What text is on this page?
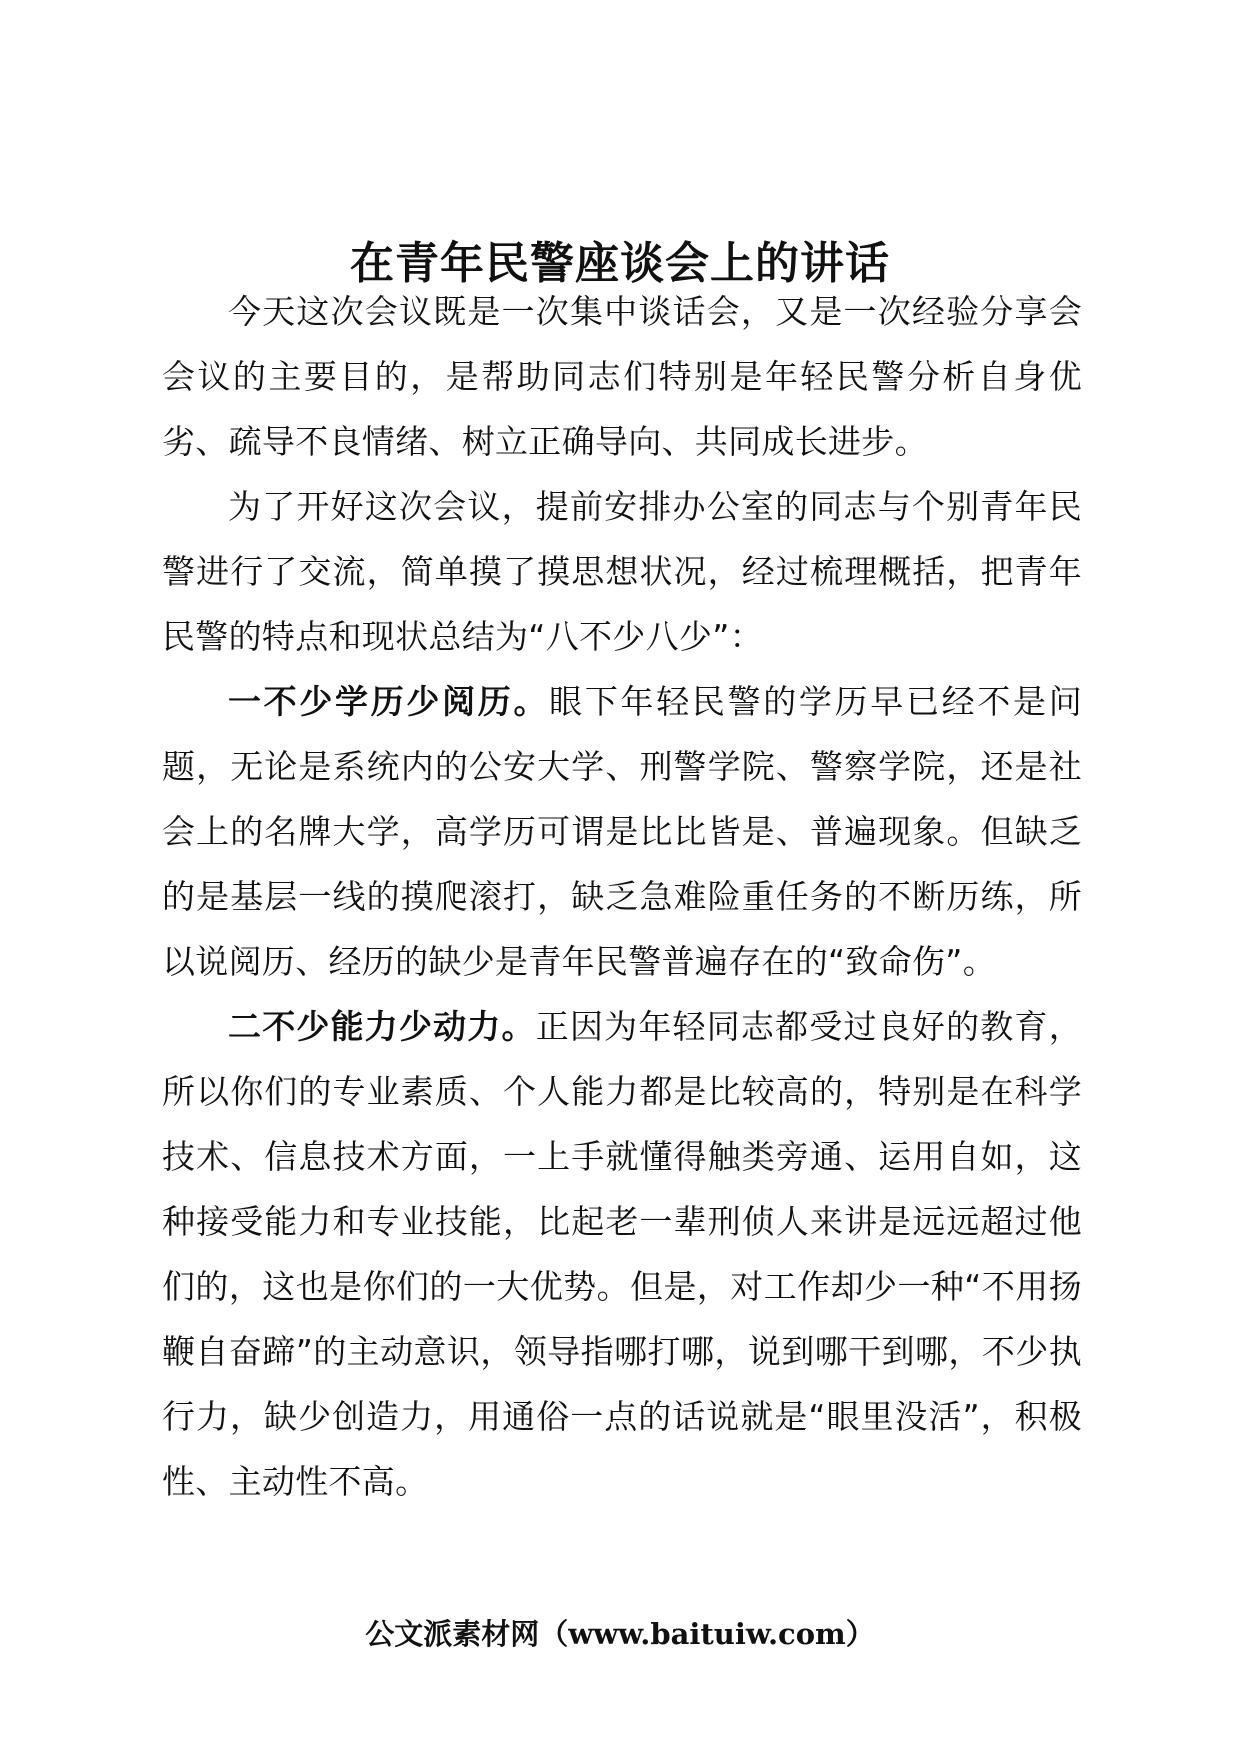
在青年民警座谈会上的讲话

今天这次会议既是一次集中谈话会，又是一次经验分享会会议的主要目的，是帮助同志们特别是年轻民警分析自身优劣、疏导不良情绪、树立正确导向、共同成长进步。

为了开好这次会议，提前安排办公室的同志与个别青年民警进行了交流，简单摸了摸思想状况，经过梳理概括，把青年民警的特点和现状总结为“八不少八少”：

一不少学历少阅历。眼下年轻民警的学历早已经不是问题，无论是系统内的公安大学、刑警学院、警察学院，还是社会上的名牌大学，高学历可谓是比比皆是、普遍现象。但缺乏的是基层一线的摸爬滚打，缺乏急难险重任务的不断历练，所以说阅历、经历的缺少是青年民警普遍存在的“致命伤”。

二不少能力少动力。正因为年轻同志都受过良好的教育，所以你们的专业素质、个人能力都是比较高的，特别是在科学技术、信息技术方面，一上手就懂得触类旁通、运用自如，这种接受能力和专业技能，比起老一辈刑侦人来讲是远远超过他们的，这也是你们的一大优势。但是，对工作却少一种“不用扬鞭自奋蹄”的主动意识，领导指哪打哪，说到哪干到哪，不少执行力，缺少创造力，用通俗一点的话说就是“眼里没活”，积极性、主动性不高。

公文派素材网（www.baituiw.com）
